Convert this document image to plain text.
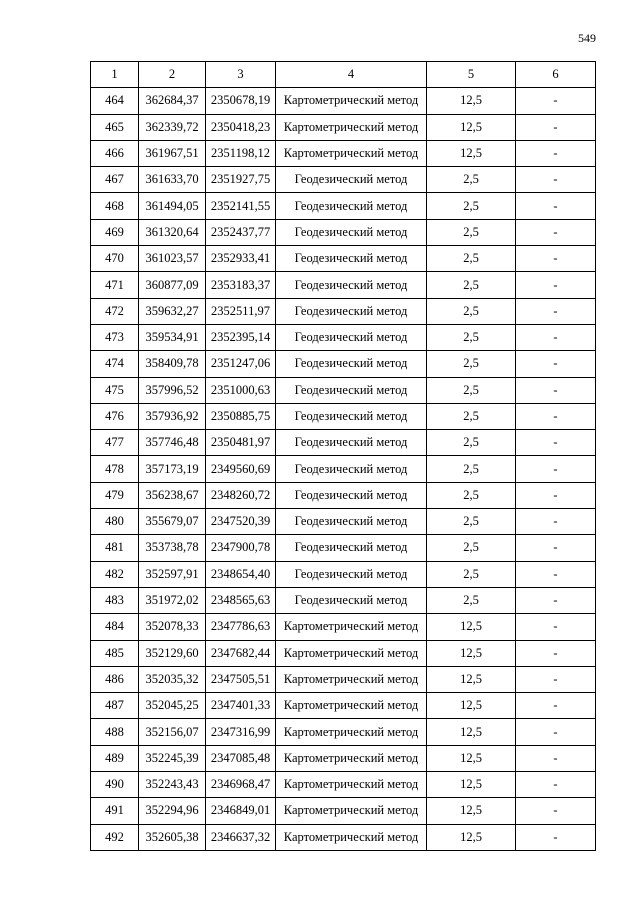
549
1	2	3	4	5	6
464	362684,37	2350678,19	Картометрический метод	12,5	-
465	362339,72	2350418,23	Картометрический метод	12,5	-
466	361967,51	2351198,12	Картометрический метод	12,5	-
467	361633,70	2351927,75	Геодезический метод	2,5	-
468	361494,05	2352141,55	Геодезический метод	2,5	-
469	361320,64	2352437,77	Геодезический метод	2,5	-
470	361023,57	2352933,41	Геодезический метод	2,5	-
471	360877,09	2353183,37	Геодезический метод	2,5	-
472	359632,27	2352511,97	Геодезический метод	2,5	-
473	359534,91	2352395,14	Геодезический метод	2,5	-
474	358409,78	2351247,06	Геодезический метод	2,5	-
475	357996,52	2351000,63	Геодезический метод	2,5	-
476	357936,92	2350885,75	Геодезический метод	2,5	-
477	357746,48	2350481,97	Геодезический метод	2,5	-
478	357173,19	2349560,69	Геодезический метод	2,5	-
479	356238,67	2348260,72	Геодезический метод	2,5	-
480	355679,07	2347520,39	Геодезический метод	2,5	-
481	353738,78	2347900,78	Геодезический метод	2,5	-
482	352597,91	2348654,40	Геодезический метод	2,5	-
483	351972,02	2348565,63	Геодезический метод	2,5	-
484	352078,33	2347786,63	Картометрический метод	12,5	-
485	352129,60	2347682,44	Картометрический метод	12,5	-
486	352035,32	2347505,51	Картометрический метод	12,5	-
487	352045,25	2347401,33	Картометрический метод	12,5	-
488	352156,07	2347316,99	Картометрический метод	12,5	-
489	352245,39	2347085,48	Картометрический метод	12,5	-
490	352243,43	2346968,47	Картометрический метод	12,5	-
491	352294,96	2346849,01	Картометрический метод	12,5	-
492	352605,38	2346637,32	Картометрический метод	12,5	-
